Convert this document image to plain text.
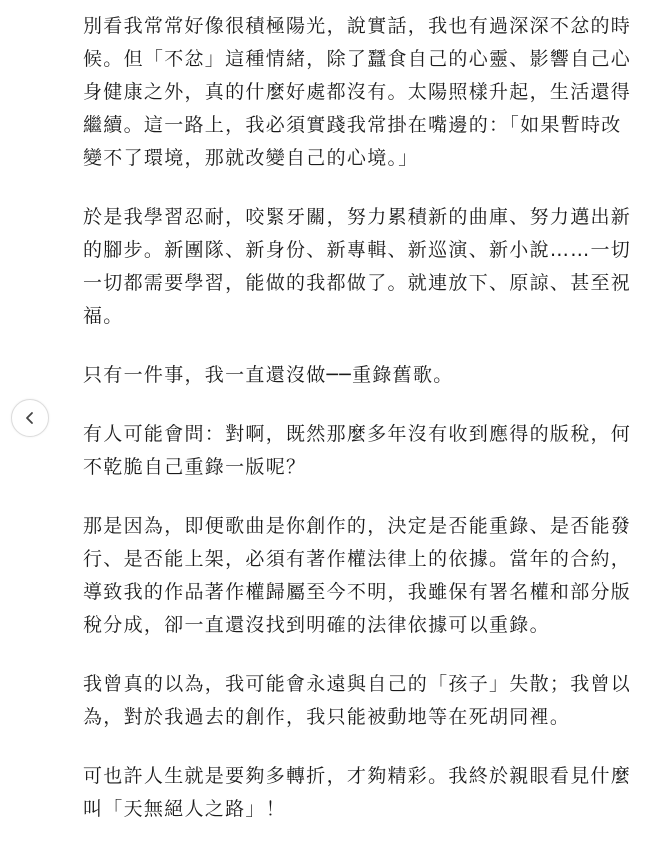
別看我常常好像很積極陽光，說實話，我也有過深深不忿的時候。但「不忿」這種情緒，除了蠶食自己的心靈、影響自己心身健康之外，真的什麼好處都沒有。太陽照樣升起，生活還得繼續。這一路上，我必須實踐我常掛在嘴邊的：「如果暫時改變不了環境，那就改變自己的心境。」

於是我學習忍耐，咬緊牙關，努力累積新的曲庫、努力邁出新的腳步。新團隊、新身份、新專輯、新巡演、新小說……一切一切都需要學習，能做的我都做了。就連放下、原諒、甚至祝福。

只有一件事，我一直還沒做──重錄舊歌。

有人可能會問：對啊，既然那麼多年沒有收到應得的版稅，何不乾脆自己重錄一版呢？

那是因為，即便歌曲是你創作的，決定是否能重錄、是否能發行、是否能上架，必須有著作權法律上的依據。當年的合約，導致我的作品著作權歸屬至今不明，我雖保有署名權和部分版稅分成，卻一直還沒找到明確的法律依據可以重錄。

我曾真的以為，我可能會永遠與自己的「孩子」失散；我曾以為，對於我過去的創作，我只能被動地等在死胡同裡。

可也許人生就是要夠多轉折，才夠精彩。我終於親眼看見什麼叫「天無絕人之路」！
